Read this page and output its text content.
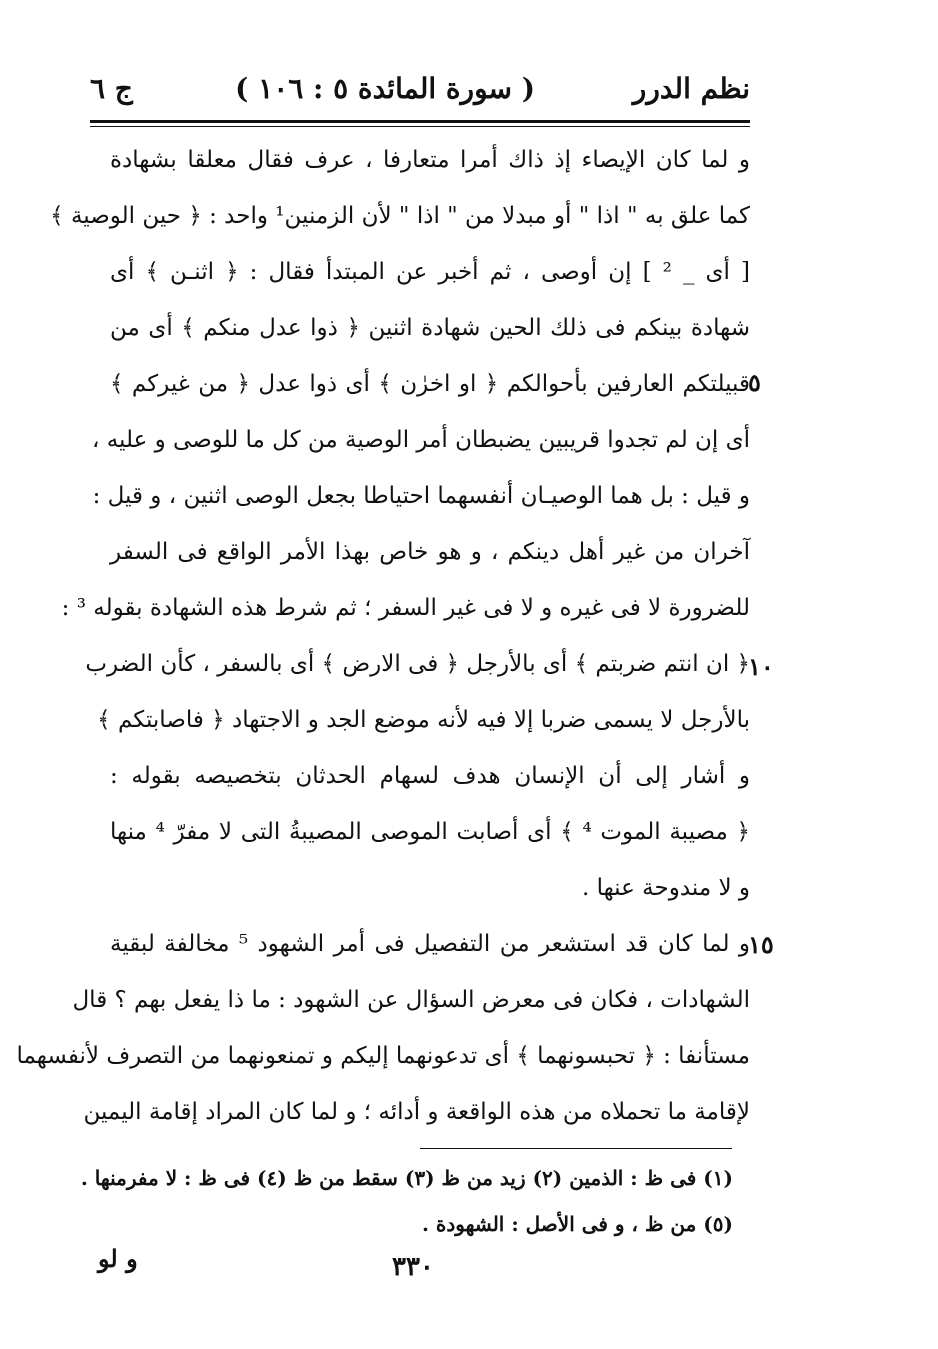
نظم الدرر
( سورة المائدة ٥ : ١٠٦ )
ج ٦
و لما كان الإيصاء إذ ذاك أمرا متعارفا ، عرف فقال معلقا بشهادة
كما علق به " اذا " أو مبدلا من " اذا " لأن الزمنين¹ واحد : ﴿ حين الوصية ﴾
[ أى _ ² ] إن أوصى ، ثم أخبر عن المبتدأ فقال : ﴿ اثنـن ﴾ أى
شهادة بينكم فى ذلك الحين شهادة اثنين ﴿ ذوا عدل منكم ﴾ أى من
قبيلتكم العارفين بأحوالكم ﴿ او اخرٰن ﴾ أى ذوا عدل ﴿ من غيركم ﴾
٥
أى إن لم تجدوا قريبين يضبطان أمر الوصية من كل ما للوصى و عليه ،
و قيل : بل هما الوصيـان أنفسهما احتياطا بجعل الوصى اثنين ، و قيل :
آخران من غير أهل دينكم ، و هو خاص بهذا الأمر الواقع فى السفر
للضرورة لا فى غيره و لا فى غير السفر ؛ ثم شرط هذه الشهادة بقوله ³ :
﴿ ان انتم ضربتم ﴾ أى بالأرجل ﴿ فى الارض ﴾ أى بالسفر ، كأن الضرب
١٠
بالأرجل لا يسمى ضربا إلا فيه لأنه موضع الجد و الاجتهاد ﴿ فاصابتكم ﴾
و أشار إلى أن الإنسان هدف لسهام الحدثان بتخصيصه بقوله :
﴿ مصيبة الموت ⁴ ﴾ أى أصابت الموصى المصيبةُ التى لا مفرّ ⁴ منها
و لا مندوحة عنها .
و لما كان قد استشعر من التفصيل فى أمر الشهود ⁵ مخالفة لبقية
١٥
الشهادات ، فكان فى معرض السؤال عن الشهود : ما ذا يفعل بهم ؟ قال
مستأنفا : ﴿ تحبسونهما ﴾ أى تدعونهما إليكم و تمنعونهما من التصرف لأنفسهما
لإقامة ما تحملاه من هذه الواقعة و أدائه ؛ و لما كان المراد إقامة اليمين
(١) فى ظ : الذمين (٢) زيد من ظ (٣) سقط من ظ (٤) فى ظ : لا مفرمنها .
(٥) من ظ ، و فى الأصل : الشهودة .
و لو	٣٣٠
